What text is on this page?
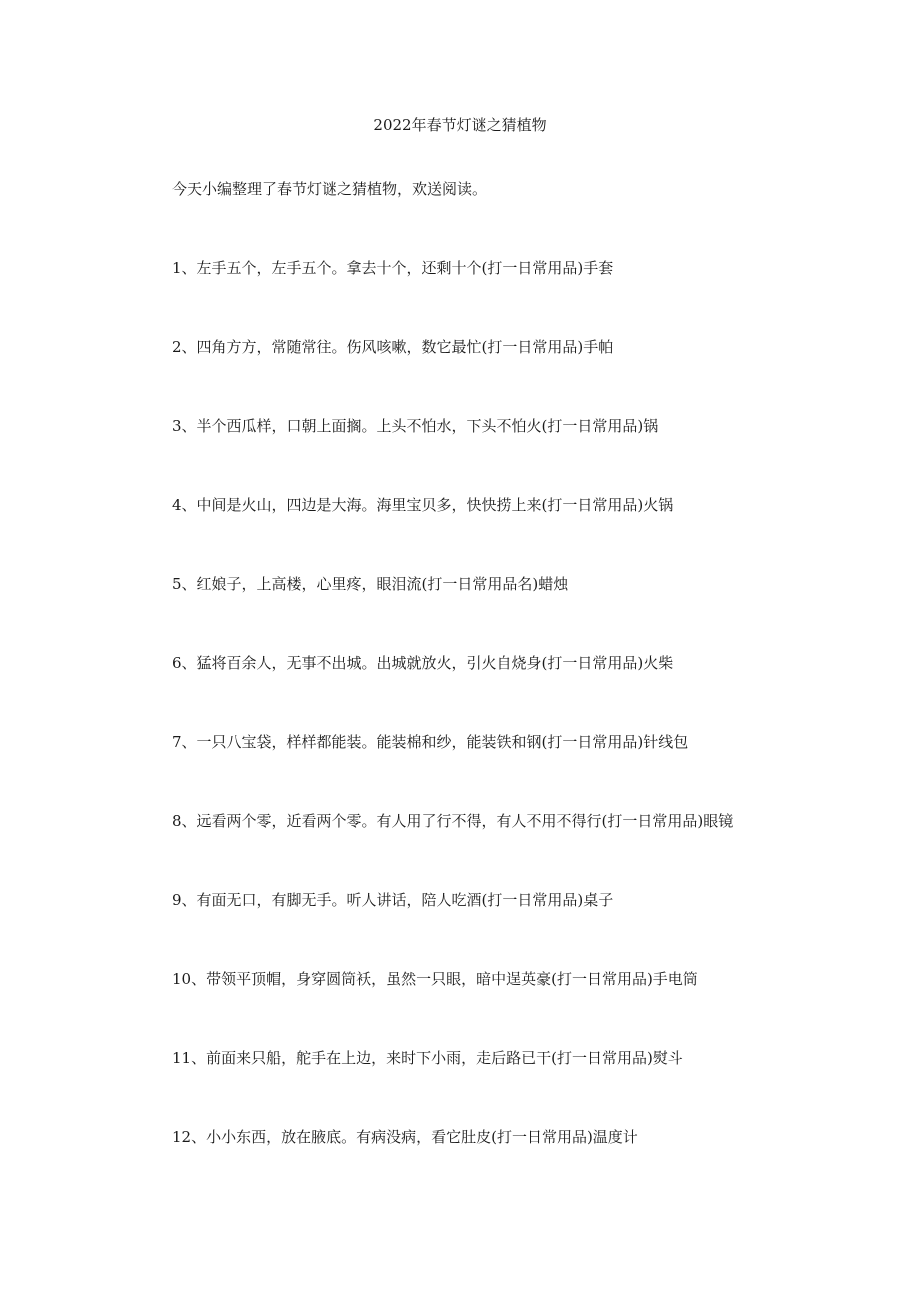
2022年春节灯谜之猜植物

今天小编整理了春节灯谜之猜植物，欢送阅读。

1、左手五个，左手五个。拿去十个，还剩十个(打一日常用品)手套
2、四角方方，常随常往。伤风咳嗽，数它最忙(打一日常用品)手帕
3、半个西瓜样，口朝上面搁。上头不怕水，下头不怕火(打一日常用品)锅
4、中间是火山，四边是大海。海里宝贝多，快快捞上来(打一日常用品)火锅
5、红娘子，上高楼，心里疼，眼泪流(打一日常用品名)蜡烛
6、猛将百余人，无事不出城。出城就放火，引火自烧身(打一日常用品)火柴
7、一只八宝袋，样样都能装。能装棉和纱，能装铁和钢(打一日常用品)针线包
8、远看两个零，近看两个零。有人用了行不得，有人不用不得行(打一日常用品)眼镜
9、有面无口，有脚无手。听人讲话，陪人吃酒(打一日常用品)桌子
10、带领平顶帽，身穿圆筒袄，虽然一只眼，暗中逞英豪(打一日常用品)手电筒
11、前面来只船，舵手在上边，来时下小雨，走后路已干(打一日常用品)熨斗
12、小小东西，放在腋底。有病没病，看它肚皮(打一日常用品)温度计
